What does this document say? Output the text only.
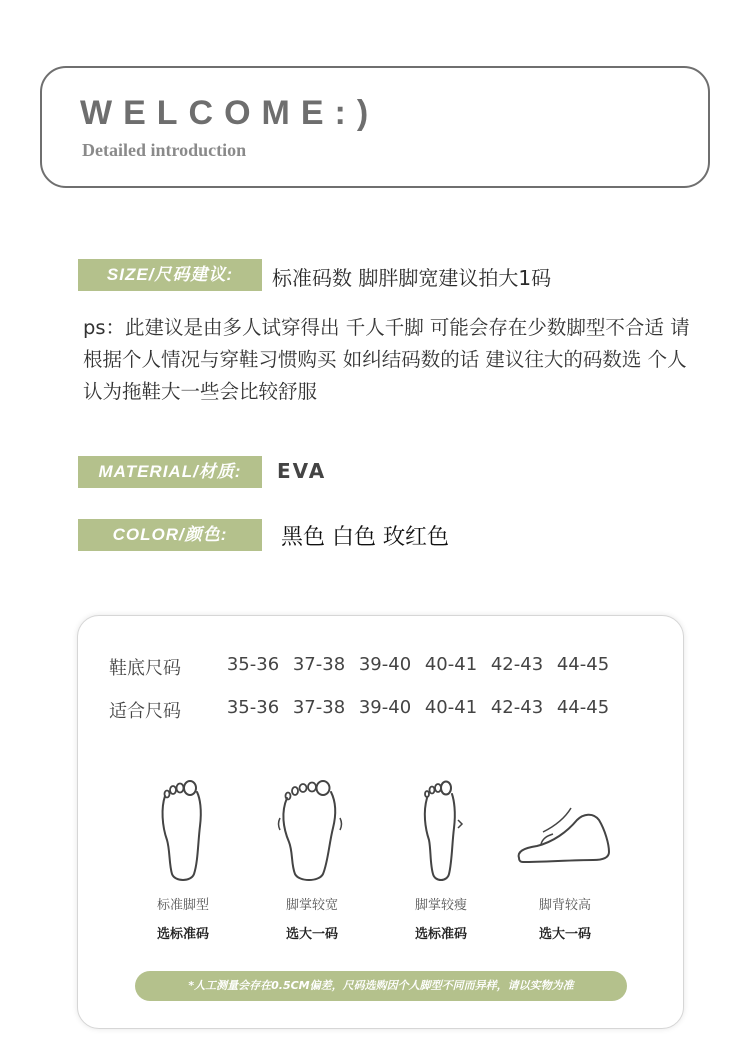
WELCOME:)
Detailed introduction
SIZE/尺码建议:	标准码数 脚胖脚宽建议拍大1码
ps：此建议是由多人试穿得出 千人千脚 可能会存在少数脚型不合适 请根据个人情况与穿鞋习惯购买 如纠结码数的话 建议往大的码数选 个人认为拖鞋大一些会比较舒服
MATERIAL/材质:	EVA
COLOR/颜色:	黑色 白色 玫红色
鞋底尺码	35-36 37-38 39-40 40-41 42-43 44-45
适合尺码	35-36 37-38 39-40 40-41 42-43 44-45
标准脚型
选标准码
脚掌较宽
选大一码
脚掌较瘦
选标准码
脚背较高
选大一码
*人工测量会存在0.5CM偏差，尺码选购因个人脚型不同而异样，请以实物为准
